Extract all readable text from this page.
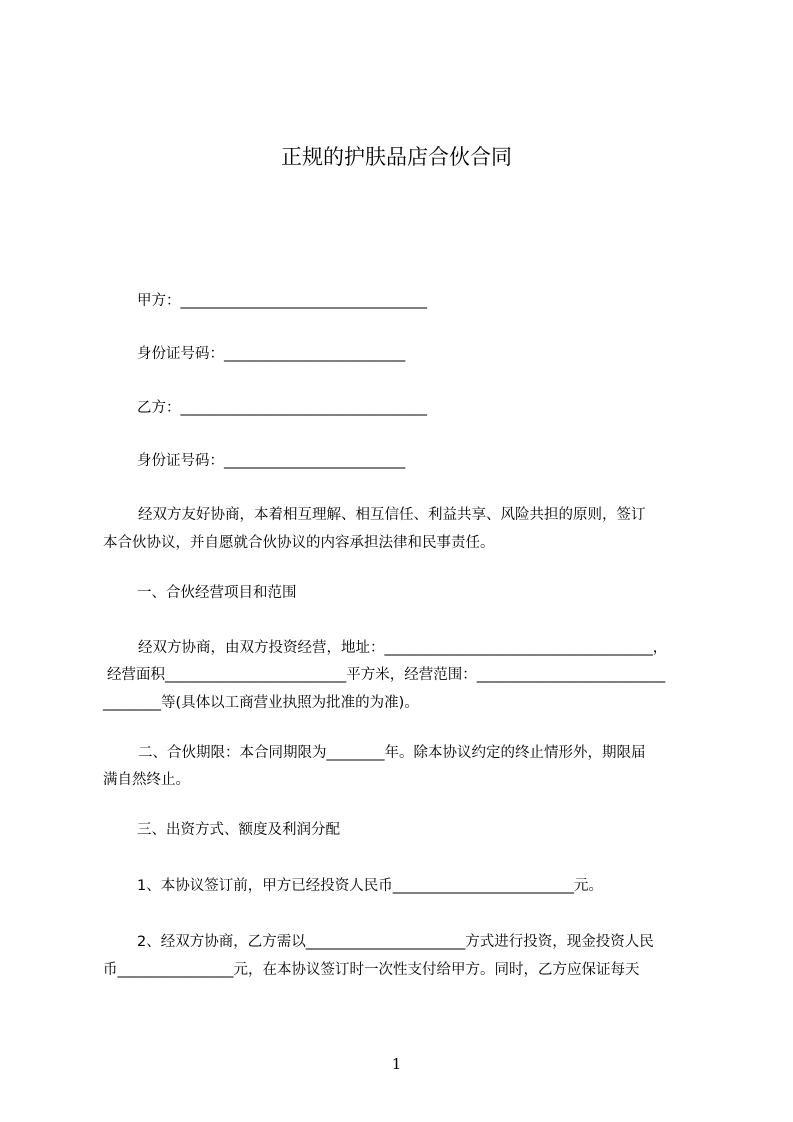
正规的护肤品店合伙合同

甲方：__________________________________

身份证号码：_________________________

乙方：__________________________________

身份证号码：_________________________

经双方友好协商，本着相互理解、相互信任、利益共享、风险共担的原则，签订

本合伙协议，并自愿就合伙协议的内容承担法律和民事责任。

一、合伙经营项目和范围

经双方协商，由双方投资经营，地址：_____________________________________，

经营面积_________________________平方米，经营范围：__________________________

________等(具体以工商营业执照为批准的为准)。

二、合伙期限：本合同期限为________年。除本协议约定的终止情形外，期限届

满自然终止。

三、出资方式、额度及利润分配

1、本协议签订前，甲方已经投资人民币_________________________元。

2、经双方协商，乙方需以______________________方式进行投资，现金投资人民

币________________元，在本协议签订时一次性支付给甲方。同时，乙方应保证每天

1
